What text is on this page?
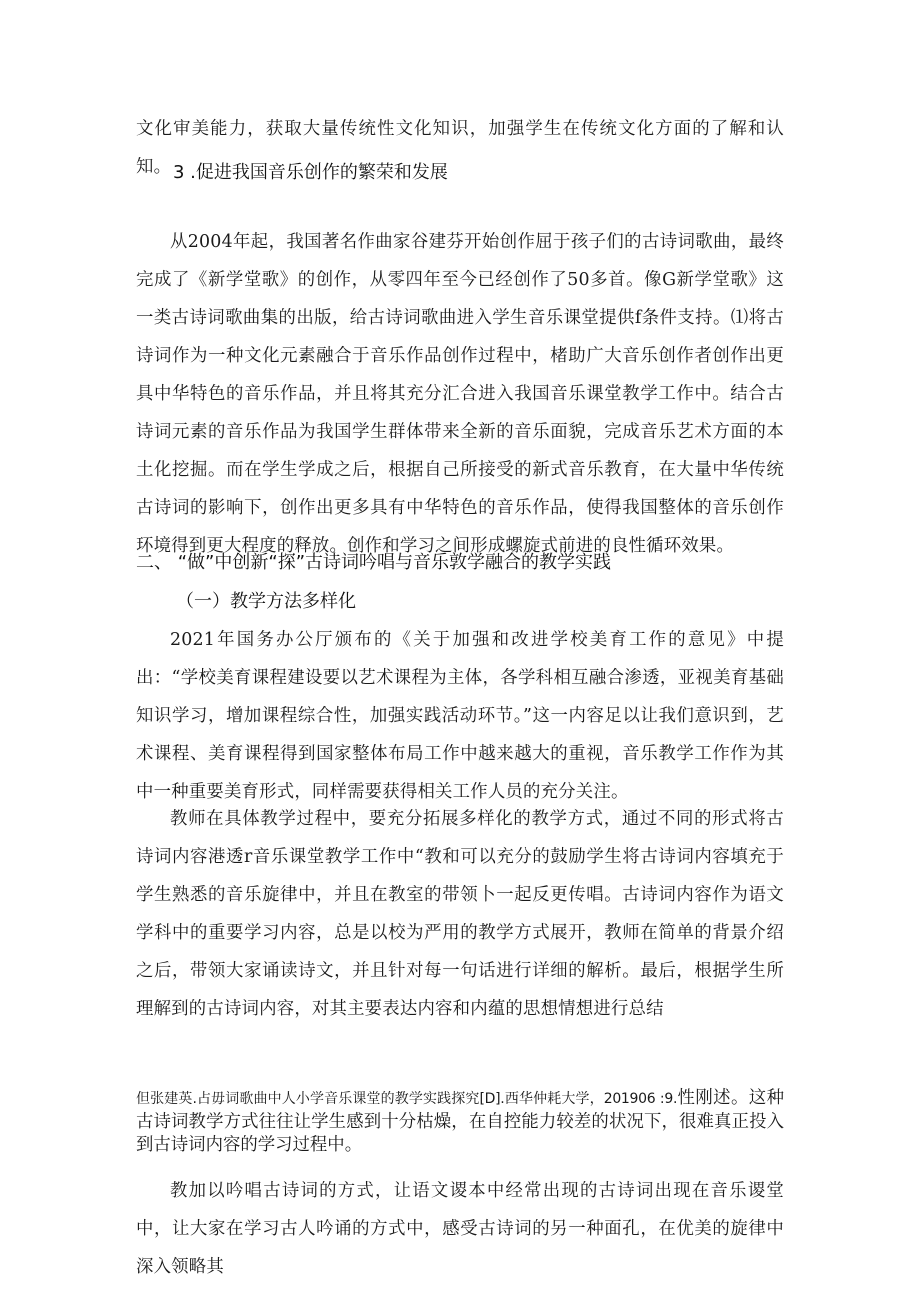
文化审美能力，获取大量传统性文化知识，加强学生在传统文化方面的了解和认知。 3 .促进我国音乐创作的繁荣和发展

从2004年起，我国著名作曲家谷建芬开始创作屈于孩子们的古诗词歌曲，最终完成了《新学堂歌》的创作，从零四年至今已经创作了50多首。像G新学堂歌》这一类古诗词歌曲集的出版，给古诗词歌曲进入学生音乐课堂提供f条件支持。⑴将古诗词作为一种文化元素融合于音乐作品创作过程中，楮助广大音乐创作者创作出更具中华特色的音乐作品，并且将其充分汇合进入我国音乐课堂教学工作中。结合古诗词元素的音乐作品为我国学生群体带来全新的音乐面貌，完成音乐艺术方面的本土化挖掘。而在学生学成之后，根据自己所接受的新式音乐教育，在大量中华传统古诗词的影响下，创作出更多具有中华特色的音乐作品，使得我国整体的音乐创作环境得到更大程度的释放。创作和学习之间形成螺旋式前进的良性循环效果。

二、 “做”中创新“探”古诗词吟唱与音乐敦学融合的教学实践

（一）教学方法多样化

2021年国务办公厅颁布的《关于加强和改进学校美育工作的意见》中提出：“学校美育课程建设要以艺术课程为主体，各学科相互融合渗透，亚视美育基础知识学习，增加课程综合性，加强实践活动环节。”这一内容足以让我们意识到，艺术课程、美育课程得到国家整体布局工作中越来越大的重视，音乐教学工作作为其中一种重要美育形式，同样需要获得相关工作人员的充分关注。

教师在具体教学过程中，要充分拓展多样化的教学方式，通过不同的形式将古诗词内容港透r音乐课堂教学工作中“教和可以充分的鼓励学生将古诗词内容填充于学生熟悉的音乐旋律中，并且在教室的带领卜一起反更传唱。古诗词内容作为语文学科中的重要学习内容，总是以校为严用的教学方式展开，教师在简单的背景介绍之后，带领大家诵读诗文，并且针对每一句话进行详细的解析。最后，根据学生所理解到的古诗词内容，对其主要表达内容和内蕴的思想情想进行总结

但张建英.占毋词歌曲中人小学音乐课堂的教学实践探究[D].西华仲耗大学，201906 :9.性刚述。这种古诗词教学方式往往让学生感到十分枯燥，在自控能力较差的状况下，很难真正投入到古诗词内容的学习过程中。

教加以吟唱古诗词的方式，让语文谡本中经常出现的古诗词出现在音乐谡堂中，让大家在学习古人吟诵的方式中，感受古诗词的另一种面孔，在优美的旋律中深入领略其
